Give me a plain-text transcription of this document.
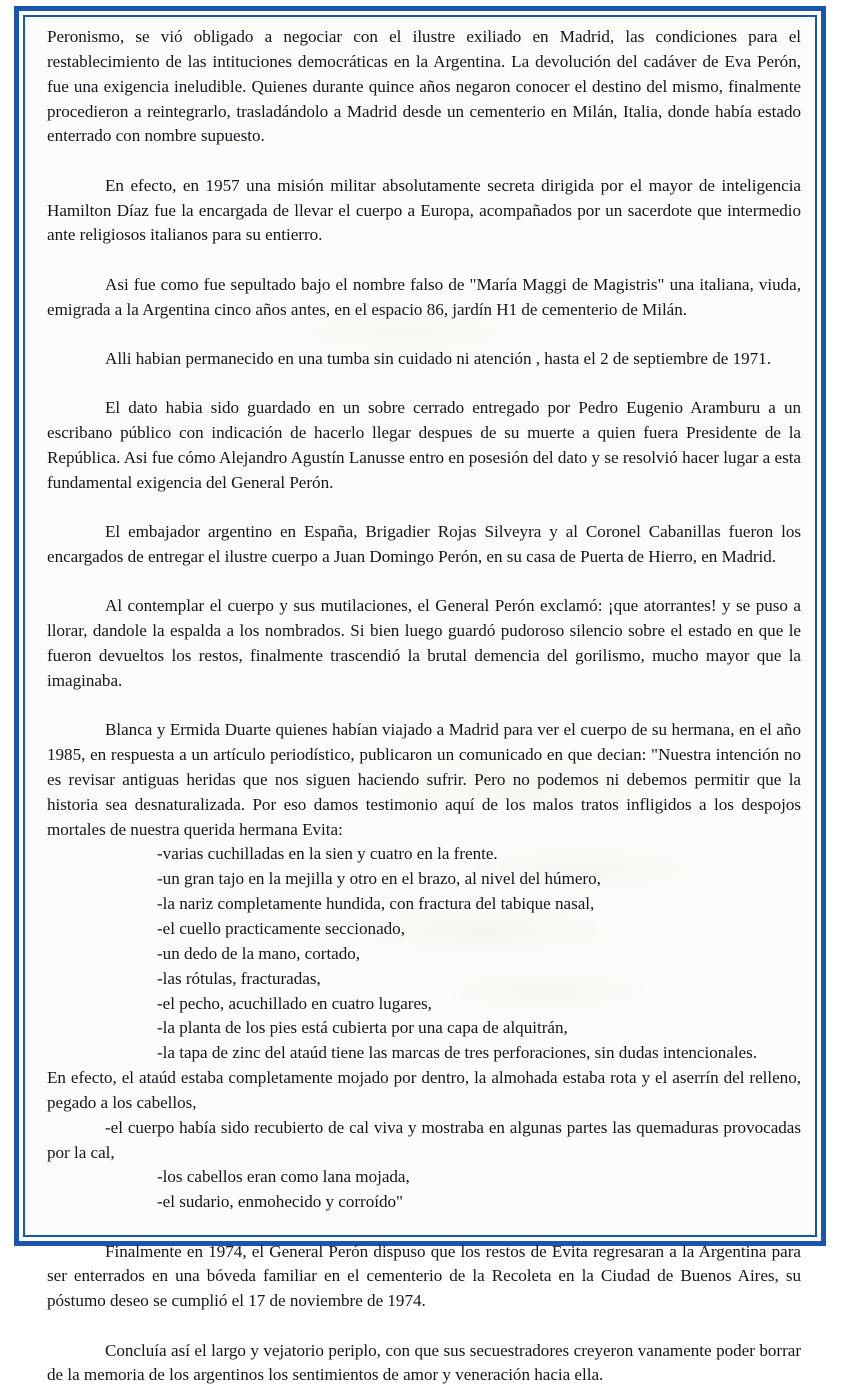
Peronismo, se vió obligado a negociar con el ilustre exiliado en Madrid, las condiciones para el restablecimiento de las intituciones democráticas en la Argentina. La devolución del cadáver de Eva Perón, fue una exigencia ineludible. Quienes durante quince años negaron conocer el destino del mismo, finalmente procedieron a reintegrarlo, trasladándolo a Madrid desde un cementerio en Milán, Italia, donde había estado enterrado con nombre supuesto.

En efecto, en 1957 una misión militar absolutamente secreta dirigida por el mayor de inteligencia Hamilton Díaz fue la encargada de llevar el cuerpo a Europa, acompañados por un sacerdote que intermedio ante religiosos italianos para su entierro.

Asi fue como fue sepultado bajo el nombre falso de "María Maggi de Magistris" una italiana, viuda, emigrada a la Argentina cinco años antes, en el espacio 86, jardín H1 de cementerio de Milán.

Alli habian permanecido en una tumba sin cuidado ni atención , hasta el 2 de septiembre de 1971.

El dato habia sido guardado en un sobre cerrado entregado por Pedro Eugenio Aramburu a un escribano público con indicación de hacerlo llegar despues de su muerte a quien fuera Presidente de la República. Asi fue cómo Alejandro Agustín Lanusse entro en posesión del dato y se resolvió hacer lugar a esta fundamental exigencia del General Perón.

El embajador argentino en España, Brigadier Rojas Silveyra y al Coronel Cabanillas fueron los encargados de entregar el ilustre cuerpo a Juan Domingo Perón, en su casa de Puerta de Hierro, en Madrid.

Al contemplar el cuerpo y sus mutilaciones, el General Perón exclamó: ¡que atorrantes! y se puso a llorar, dandole la espalda a los nombrados. Si bien luego guardó pudoroso silencio sobre el estado en que le fueron devueltos los restos, finalmente trascendió la brutal demencia del gorilismo, mucho mayor que la imaginaba.

Blanca y Ermida Duarte quienes habían viajado a Madrid para ver el cuerpo de su hermana, en el año 1985, en respuesta a un artículo periodístico, publicaron un comunicado en que decian: "Nuestra intención no es revisar antiguas heridas que nos siguen haciendo sufrir. Pero no podemos ni debemos permitir que la historia sea desnaturalizada. Por eso damos testimonio aquí de los malos tratos infligidos a los despojos mortales de nuestra querida hermana Evita:

-varias cuchilladas en la sien y cuatro en la frente.
-un gran tajo en la mejilla y otro en el brazo, al nivel del húmero,
-la nariz completamente hundida, con fractura del tabique nasal,
-el cuello practicamente seccionado,
-un dedo de la mano, cortado,
-las rótulas, fracturadas,
-el pecho, acuchillado en cuatro lugares,
-la planta de los pies está cubierta por una capa de alquitrán,
-la tapa de zinc del ataúd tiene las marcas de tres perforaciones, sin dudas intencionales.

En efecto, el ataúd estaba completamente mojado por dentro, la almohada estaba rota y el aserrín del relleno, pegado a los cabellos,

-el cuerpo había sido recubierto de cal viva y mostraba en algunas partes las quemaduras provocadas por la cal,

-los cabellos eran como lana mojada,
-el sudario, enmohecido y corroído"

Finalmente en 1974, el General Perón dispuso que los restos de Evita regresaran a la Argentina para ser enterrados en una bóveda familiar en el cementerio de la Recoleta en la Ciudad de Buenos Aires, su póstumo deseo se cumplió el 17 de noviembre de 1974.

Concluía así el largo y vejatorio periplo, con que sus secuestradores creyeron vanamente poder borrar de la memoria de los argentinos los sentimientos de amor y veneración hacia ella.
